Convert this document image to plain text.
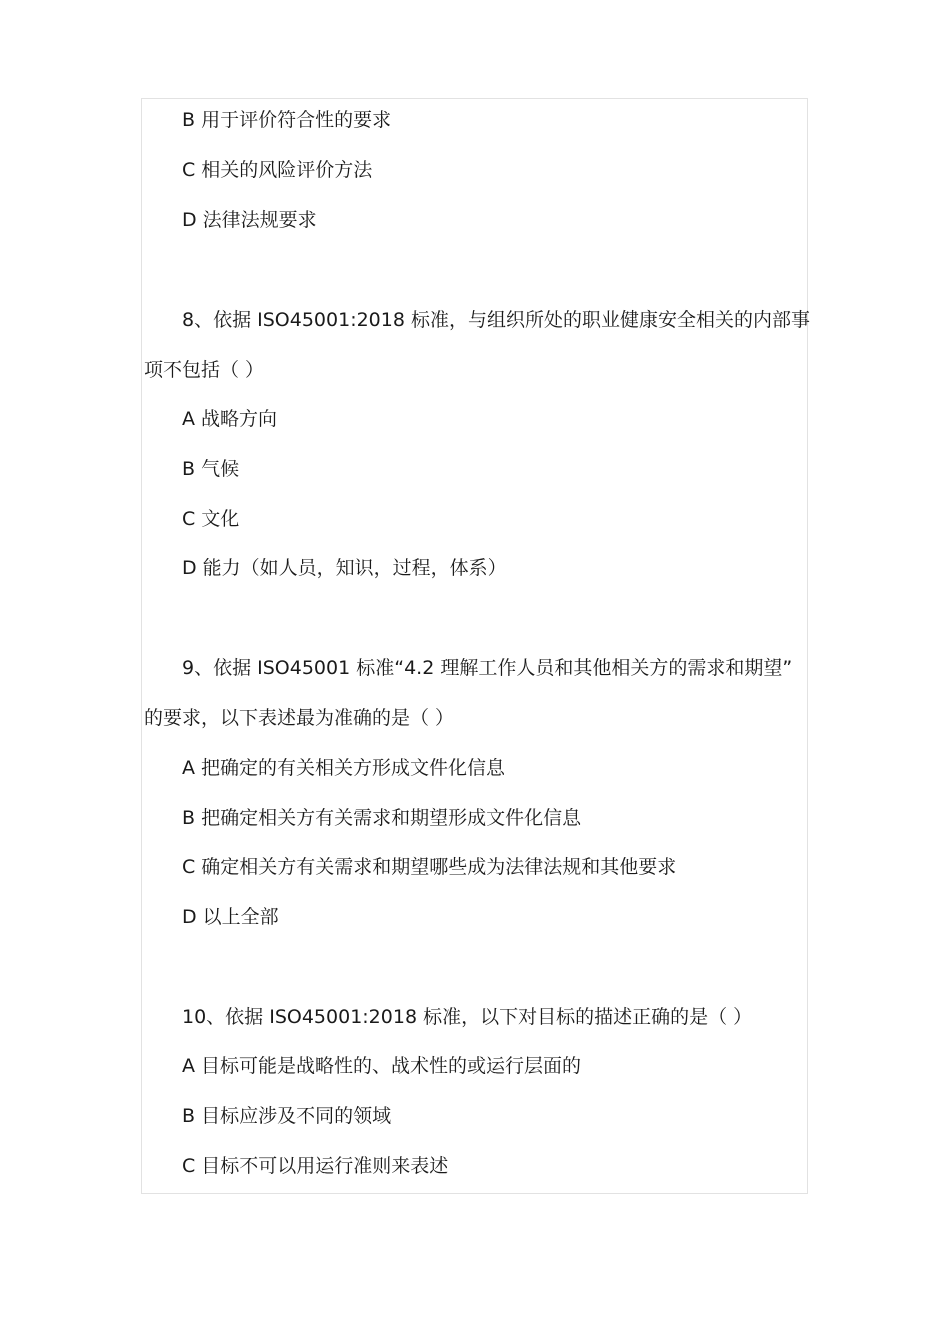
B 用于评价符合性的要求
C 相关的风险评价方法
D 法律法规要求
8、依据 ISO45001:2018 标准，与组织所处的职业健康安全相关的内部事
项不包括（ ）
A 战略方向
B 气候
C 文化
D 能力（如人员，知识，过程，体系）
9、依据 ISO45001 标准“4.2 理解工作人员和其他相关方的需求和期望”
的要求，以下表述最为准确的是（ ）
A 把确定的有关相关方形成文件化信息
B 把确定相关方有关需求和期望形成文件化信息
C 确定相关方有关需求和期望哪些成为法律法规和其他要求
D 以上全部
10、依据 ISO45001:2018 标准，以下对目标的描述正确的是（ ）
A 目标可能是战略性的、战术性的或运行层面的
B 目标应涉及不同的领域
C 目标不可以用运行准则来表述
